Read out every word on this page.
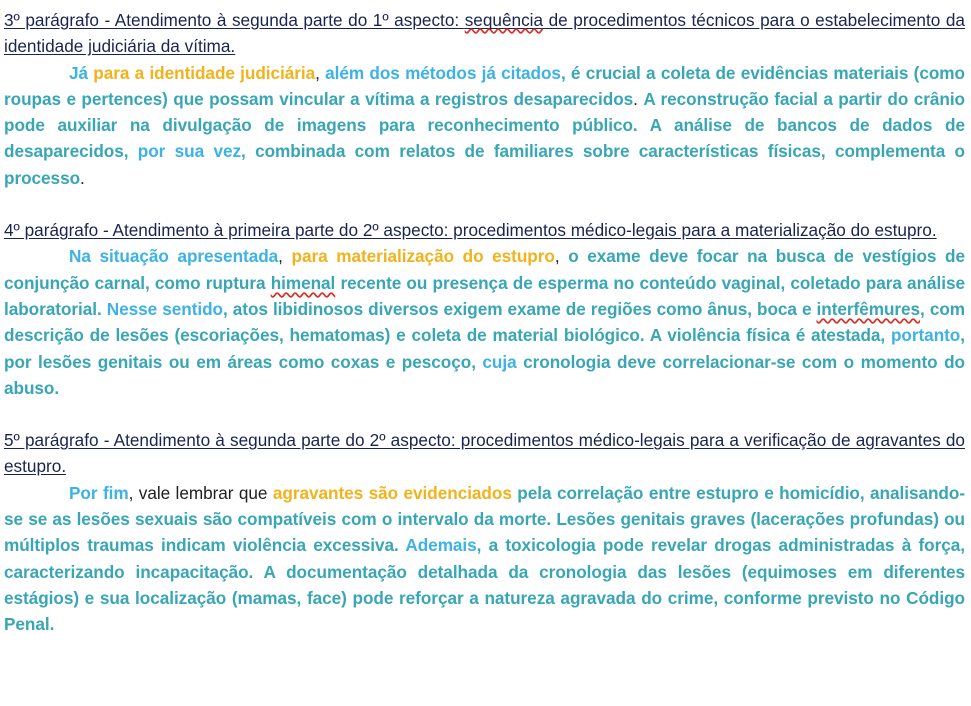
3º parágrafo - Atendimento à segunda parte do 1º aspecto: sequência de procedimentos técnicos para o estabelecimento da identidade judiciária da vítima.
Já para a identidade judiciária, além dos métodos já citados, é crucial a coleta de evidências materiais (como roupas e pertences) que possam vincular a vítima a registros desaparecidos. A reconstrução facial a partir do crânio pode auxiliar na divulgação de imagens para reconhecimento público. A análise de bancos de dados de desaparecidos, por sua vez, combinada com relatos de familiares sobre características físicas, complementa o processo.
4º parágrafo - Atendimento à primeira parte do 2º aspecto: procedimentos médico-legais para a materialização do estupro.
Na situação apresentada, para materialização do estupro, o exame deve focar na busca de vestígios de conjunção carnal, como ruptura himenal recente ou presença de esperma no conteúdo vaginal, coletado para análise laboratorial. Nesse sentido, atos libidinosos diversos exigem exame de regiões como ânus, boca e interfêmures, com descrição de lesões (escoriações, hematomas) e coleta de material biológico. A violência física é atestada, portanto, por lesões genitais ou em áreas como coxas e pescoço, cuja cronologia deve correlacionar-se com o momento do abuso.
5º parágrafo - Atendimento à segunda parte do 2º aspecto: procedimentos médico-legais para a verificação de agravantes do estupro.
Por fim, vale lembrar que agravantes são evidenciados pela correlação entre estupro e homicídio, analisando-se se as lesões sexuais são compatíveis com o intervalo da morte. Lesões genitais graves (lacerações profundas) ou múltiplos traumas indicam violência excessiva. Ademais, a toxicologia pode revelar drogas administradas à força, caracterizando incapacitação. A documentação detalhada da cronologia das lesões (equimoses em diferentes estágios) e sua localização (mamas, face) pode reforçar a natureza agravada do crime, conforme previsto no Código Penal.
